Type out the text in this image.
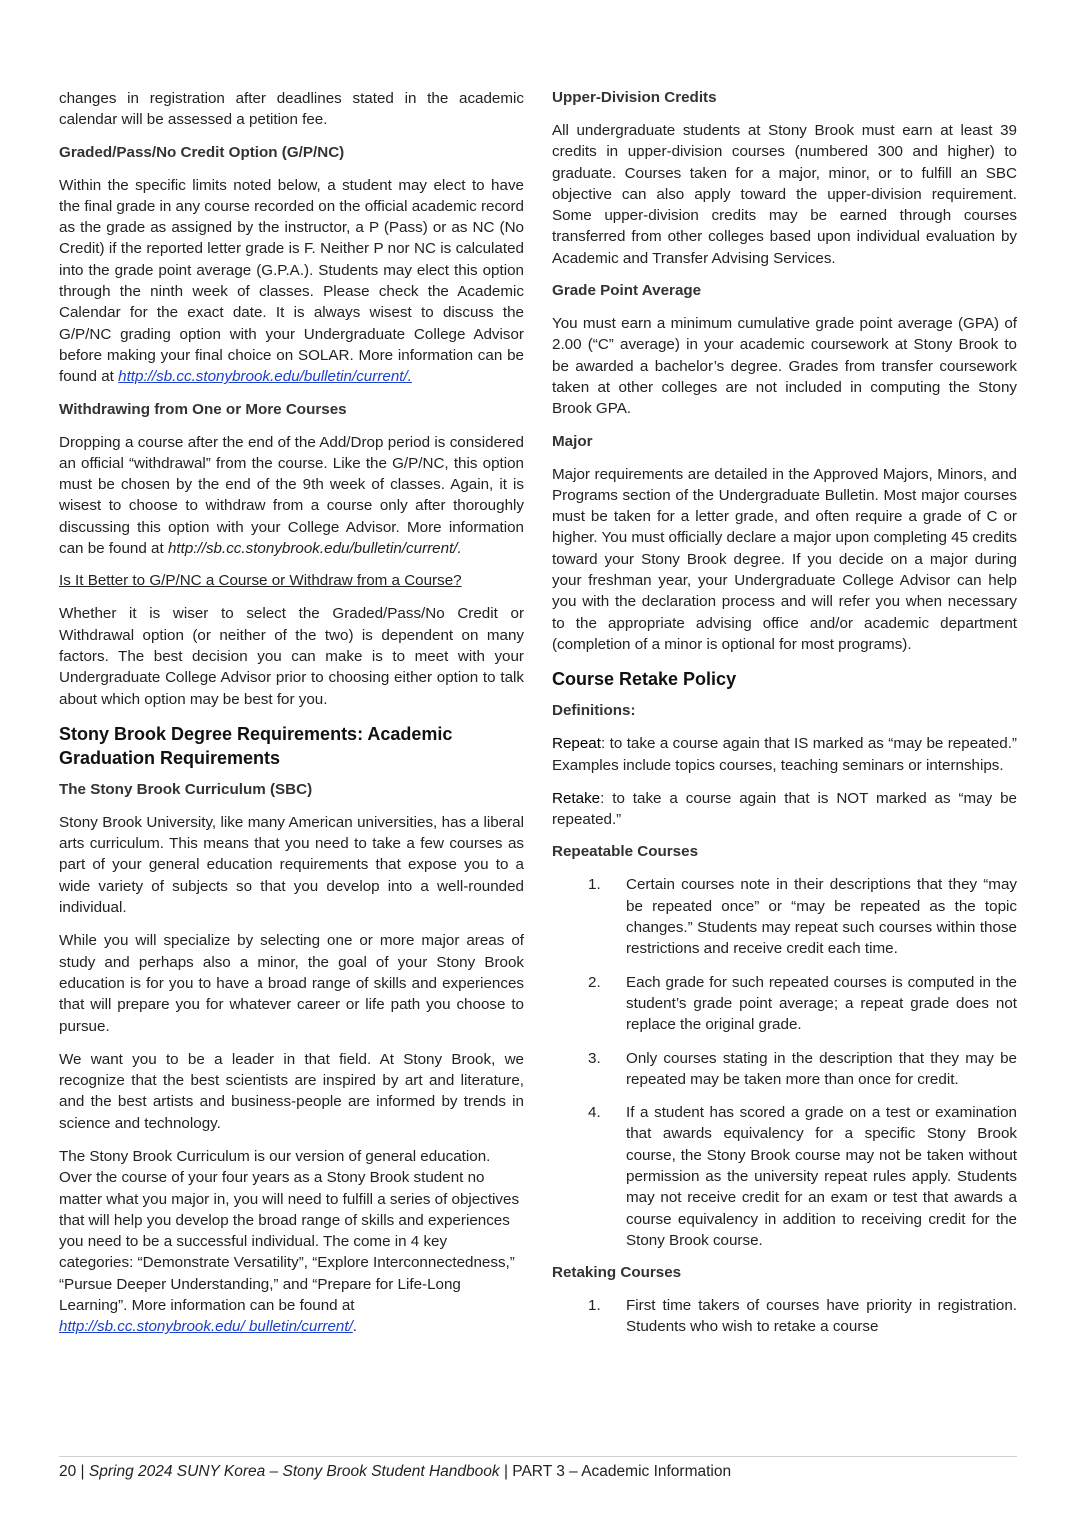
changes in registration after deadlines stated in the academic calendar will be assessed a petition fee.

Graded/Pass/No Credit Option (G/P/NC)

Within the specific limits noted below, a student may elect to have the final grade in any course recorded on the official academic record as the grade as assigned by the instructor, a P (Pass) or as NC (No Credit) if the reported letter grade is F. Neither P nor NC is calculated into the grade point average (G.P.A.). Students may elect this option through the ninth week of classes. Please check the Academic Calendar for the exact date. It is always wisest to discuss the G/P/NC grading option with your Undergraduate College Advisor before making your final choice on SOLAR. More information can be found at http://sb.cc.stonybrook.edu/bulletin/current/.

Withdrawing from One or More Courses

Dropping a course after the end of the Add/Drop period is considered an official “withdrawal” from the course. Like the G/P/NC, this option must be chosen by the end of the 9th week of classes. Again, it is wisest to choose to withdraw from a course only after thoroughly discussing this option with your College Advisor. More information can be found at http://sb.cc.stonybrook.edu/bulletin/current/.

Is It Better to G/P/NC a Course or Withdraw from a Course?

Whether it is wiser to select the Graded/Pass/No Credit or Withdrawal option (or neither of the two) is dependent on many factors. The best decision you can make is to meet with your Undergraduate College Advisor prior to choosing either option to talk about which option may be best for you.

Stony Brook Degree Requirements: Academic Graduation Requirements
The Stony Brook Curriculum (SBC)

Stony Brook University, like many American universities, has a liberal arts curriculum. This means that you need to take a few courses as part of your general education requirements that expose you to a wide variety of subjects so that you develop into a well-rounded individual.

While you will specialize by selecting one or more major areas of study and perhaps also a minor, the goal of your Stony Brook education is for you to have a broad range of skills and experiences that will prepare you for whatever career or life path you choose to pursue.

We want you to be a leader in that field. At Stony Brook, we recognize that the best scientists are inspired by art and literature, and the best artists and business-people are informed by trends in science and technology.

The Stony Brook Curriculum is our version of general education. Over the course of your four years as a Stony Brook student no matter what you major in, you will need to fulfill a series of objectives that will help you develop the broad range of skills and experiences you need to be a successful individual. The come in 4 key categories: “Demonstrate Versatility”, “Explore Interconnectedness,” “Pursue Deeper Understanding,” and “Prepare for Life-Long Learning”. More information can be found at http://sb.cc.stonybrook.edu/ bulletin/current/.

Upper-Division Credits

All undergraduate students at Stony Brook must earn at least 39 credits in upper-division courses (numbered 300 and higher) to graduate. Courses taken for a major, minor, or to fulfill an SBC objective can also apply toward the upper-division requirement. Some upper-division credits may be earned through courses transferred from other colleges based upon individual evaluation by Academic and Transfer Advising Services.

Grade Point Average

You must earn a minimum cumulative grade point average (GPA) of 2.00 (“C” average) in your academic coursework at Stony Brook to be awarded a bachelor’s degree. Grades from transfer coursework taken at other colleges are not included in computing the Stony Brook GPA.

Major

Major requirements are detailed in the Approved Majors, Minors, and Programs section of the Undergraduate Bulletin. Most major courses must be taken for a letter grade, and often require a grade of C or higher. You must officially declare a major upon completing 45 credits toward your Stony Brook degree. If you decide on a major during your freshman year, your Undergraduate College Advisor can help you with the declaration process and will refer you when necessary to the appropriate advising office and/or academic department (completion of a minor is optional for most programs).

Course Retake Policy
Definitions:

Repeat: to take a course again that IS marked as “may be repeated.” Examples include topics courses, teaching seminars or internships.

Retake: to take a course again that is NOT marked as “may be repeated.”

Repeatable Courses
1. Certain courses note in their descriptions that they “may be repeated once” or “may be repeated as the topic changes.” Students may repeat such courses within those restrictions and receive credit each time.
2. Each grade for such repeated courses is computed in the student’s grade point average; a repeat grade does not replace the original grade.
3. Only courses stating in the description that they may be repeated may be taken more than once for credit.
4. If a student has scored a grade on a test or examination that awards equivalency for a specific Stony Brook course, the Stony Brook course may not be taken without permission as the university repeat rules apply. Students may not receive credit for an exam or test that awards a course equivalency in addition to receiving credit for the Stony Brook course.
Retaking Courses
1. First time takers of courses have priority in registration. Students who wish to retake a course
20 | Spring 2024 SUNY Korea – Stony Brook Student Handbook | PART 3 – Academic Information
